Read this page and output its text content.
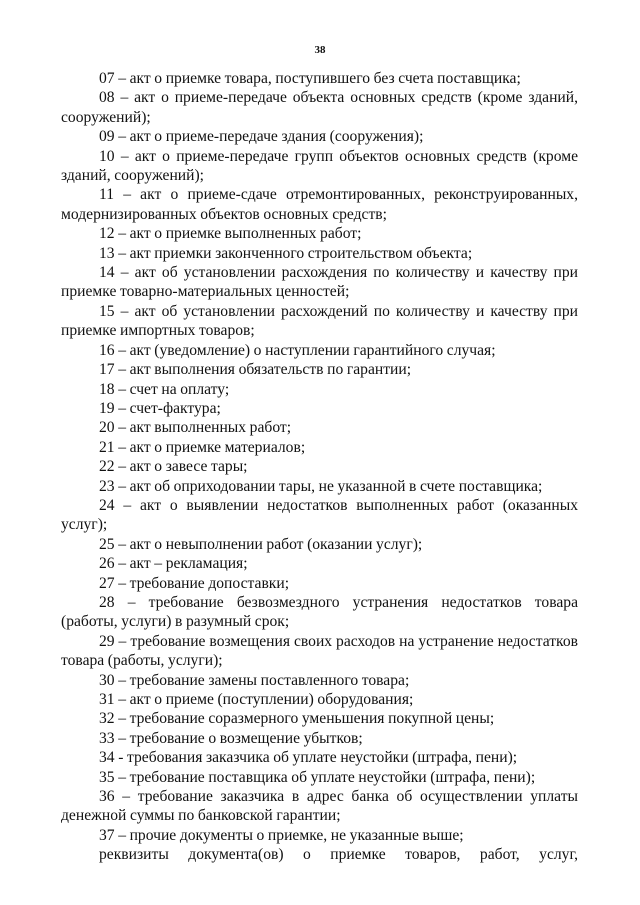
38

07 – акт о приемке товара, поступившего без счета поставщика;

08 – акт о приеме-передаче объекта основных средств (кроме зданий, сооружений);

09 – акт о приеме-передаче здания (сооружения);

10 – акт о приеме-передаче групп объектов основных средств (кроме зданий, сооружений);

11 – акт о приеме-сдаче отремонтированных, реконструированных, модернизированных объектов основных средств;

12 – акт о приемке выполненных работ;

13 – акт приемки законченного строительством объекта;

14 – акт об установлении расхождения по количеству и качеству при приемке товарно-материальных ценностей;

15 – акт об установлении расхождений по количеству и качеству при приемке импортных товаров;

16 – акт (уведомление) о наступлении гарантийного случая;

17 – акт выполнения обязательств по гарантии;

18 – счет на оплату;

19 – счет-фактура;

20 – акт выполненных работ;

21 – акт о приемке материалов;

22 – акт о завесе тары;

23 – акт об оприходовании тары, не указанной в счете поставщика;

24 – акт о выявлении недостатков выполненных работ (оказанных услуг);

25 – акт о невыполнении работ (оказании услуг);

26 – акт – рекламация;

27 – требование допоставки;

28 – требование безвозмездного устранения недостатков товара (работы, услуги) в разумный срок;

29 – требование возмещения своих расходов на устранение недостатков товара (работы, услуги);

30 – требование замены поставленного товара;

31 – акт о приеме (поступлении) оборудования;

32 – требование соразмерного уменьшения покупной цены;

33 – требование о возмещение убытков;

34 - требования заказчика об уплате неустойки (штрафа, пени);

35 – требование поставщика об уплате неустойки (штрафа, пени);

36 – требование заказчика в адрес банка об осуществлении уплаты денежной суммы по банковской гарантии;

37 – прочие документы о приемке, не указанные выше;

реквизиты документа(ов) о приемке товаров, работ, услуг,
